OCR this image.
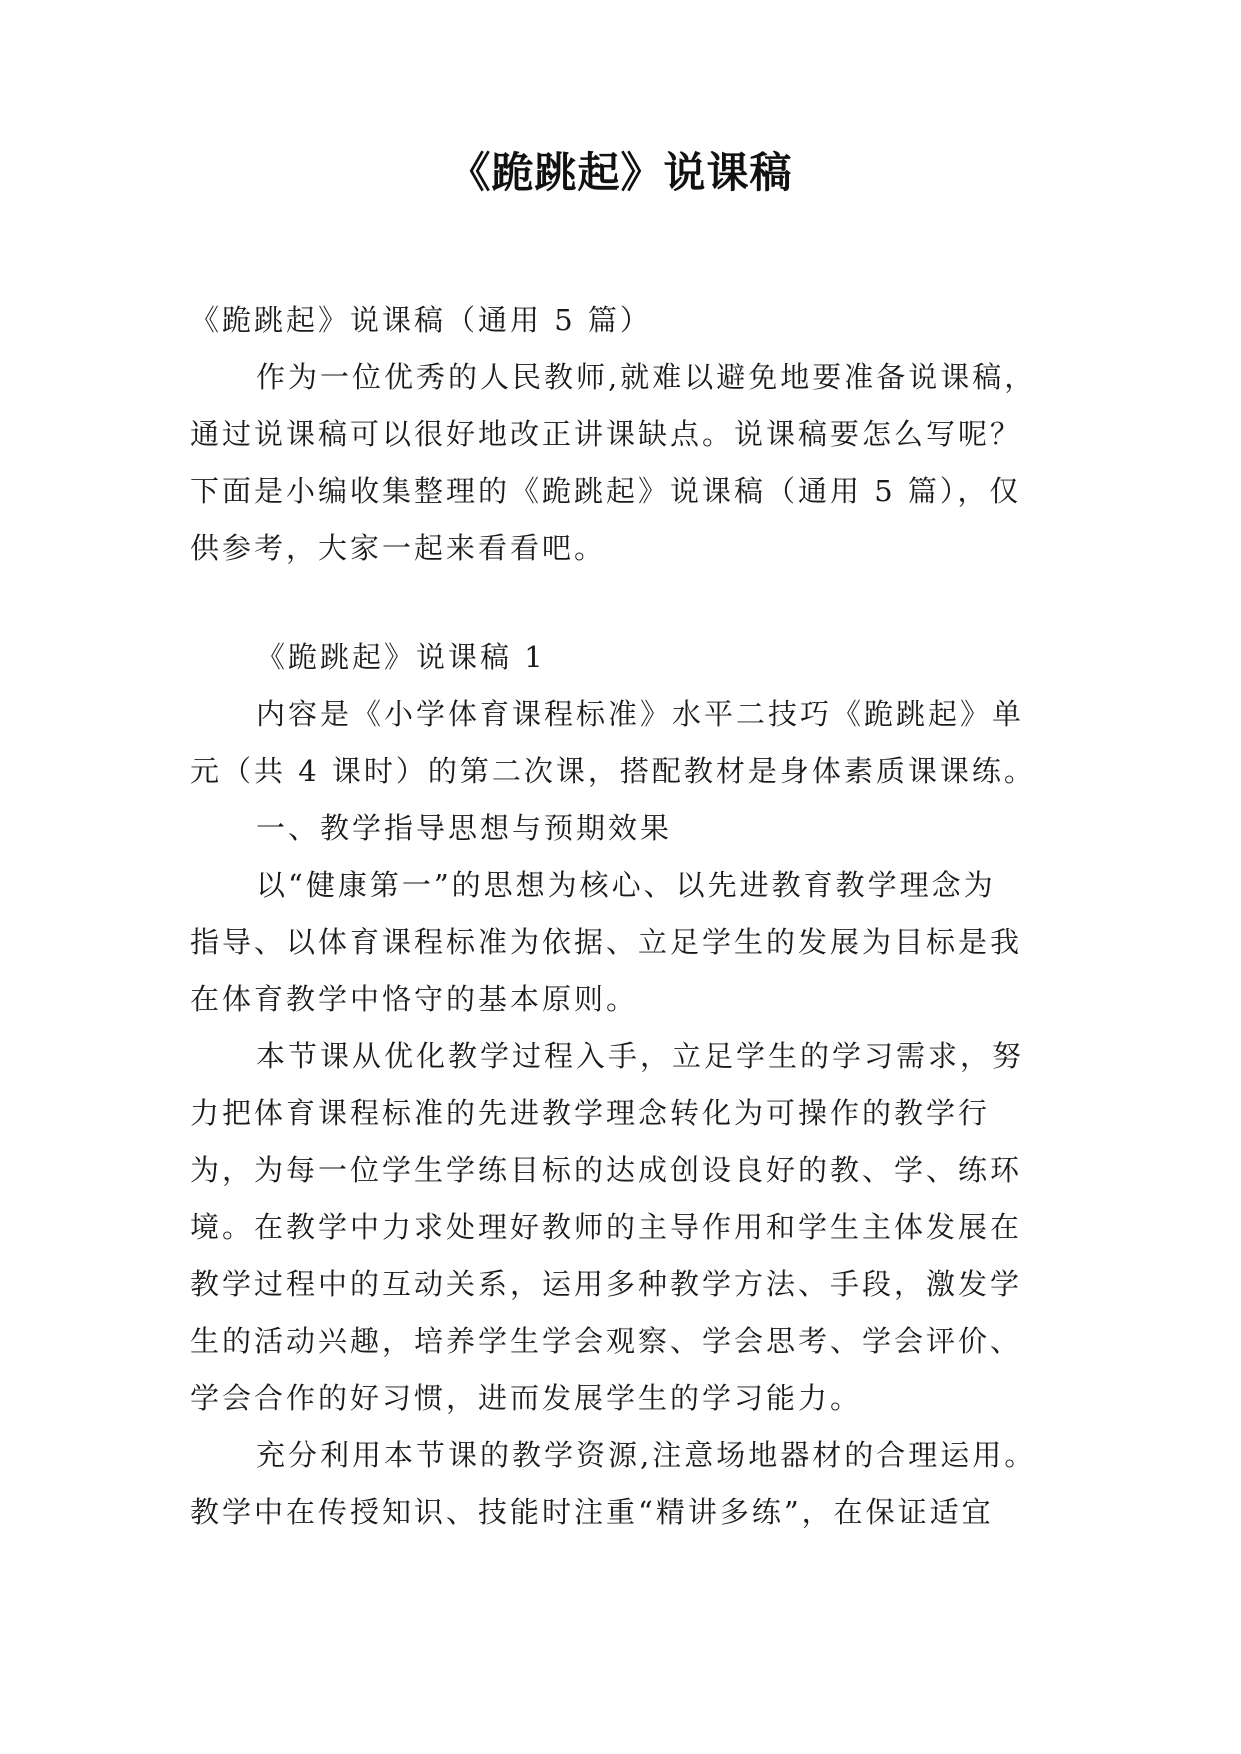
《跪跳起》说课稿
《跪跳起》说课稿（通用 5 篇）
作为一位优秀的人民教师,就难以避免地要准备说课稿，
通过说课稿可以很好地改正讲课缺点。说课稿要怎么写呢？
下面是小编收集整理的《跪跳起》说课稿（通用 5 篇），仅
供参考，大家一起来看看吧。
《跪跳起》说课稿 1
内容是《小学体育课程标准》水平二技巧《跪跳起》单
元（共 4 课时）的第二次课，搭配教材是身体素质课课练。
一、教学指导思想与预期效果
以“健康第一”的思想为核心、以先进教育教学理念为
指导、以体育课程标准为依据、立足学生的发展为目标是我
在体育教学中恪守的基本原则。
本节课从优化教学过程入手，立足学生的学习需求，努
力把体育课程标准的先进教学理念转化为可操作的教学行
为，为每一位学生学练目标的达成创设良好的教、学、练环
境。在教学中力求处理好教师的主导作用和学生主体发展在
教学过程中的互动关系，运用多种教学方法、手段，激发学
生的活动兴趣，培养学生学会观察、学会思考、学会评价、
学会合作的好习惯，进而发展学生的学习能力。
充分利用本节课的教学资源,注意场地器材的合理运用。
教学中在传授知识、技能时注重“精讲多练”，在保证适宜
